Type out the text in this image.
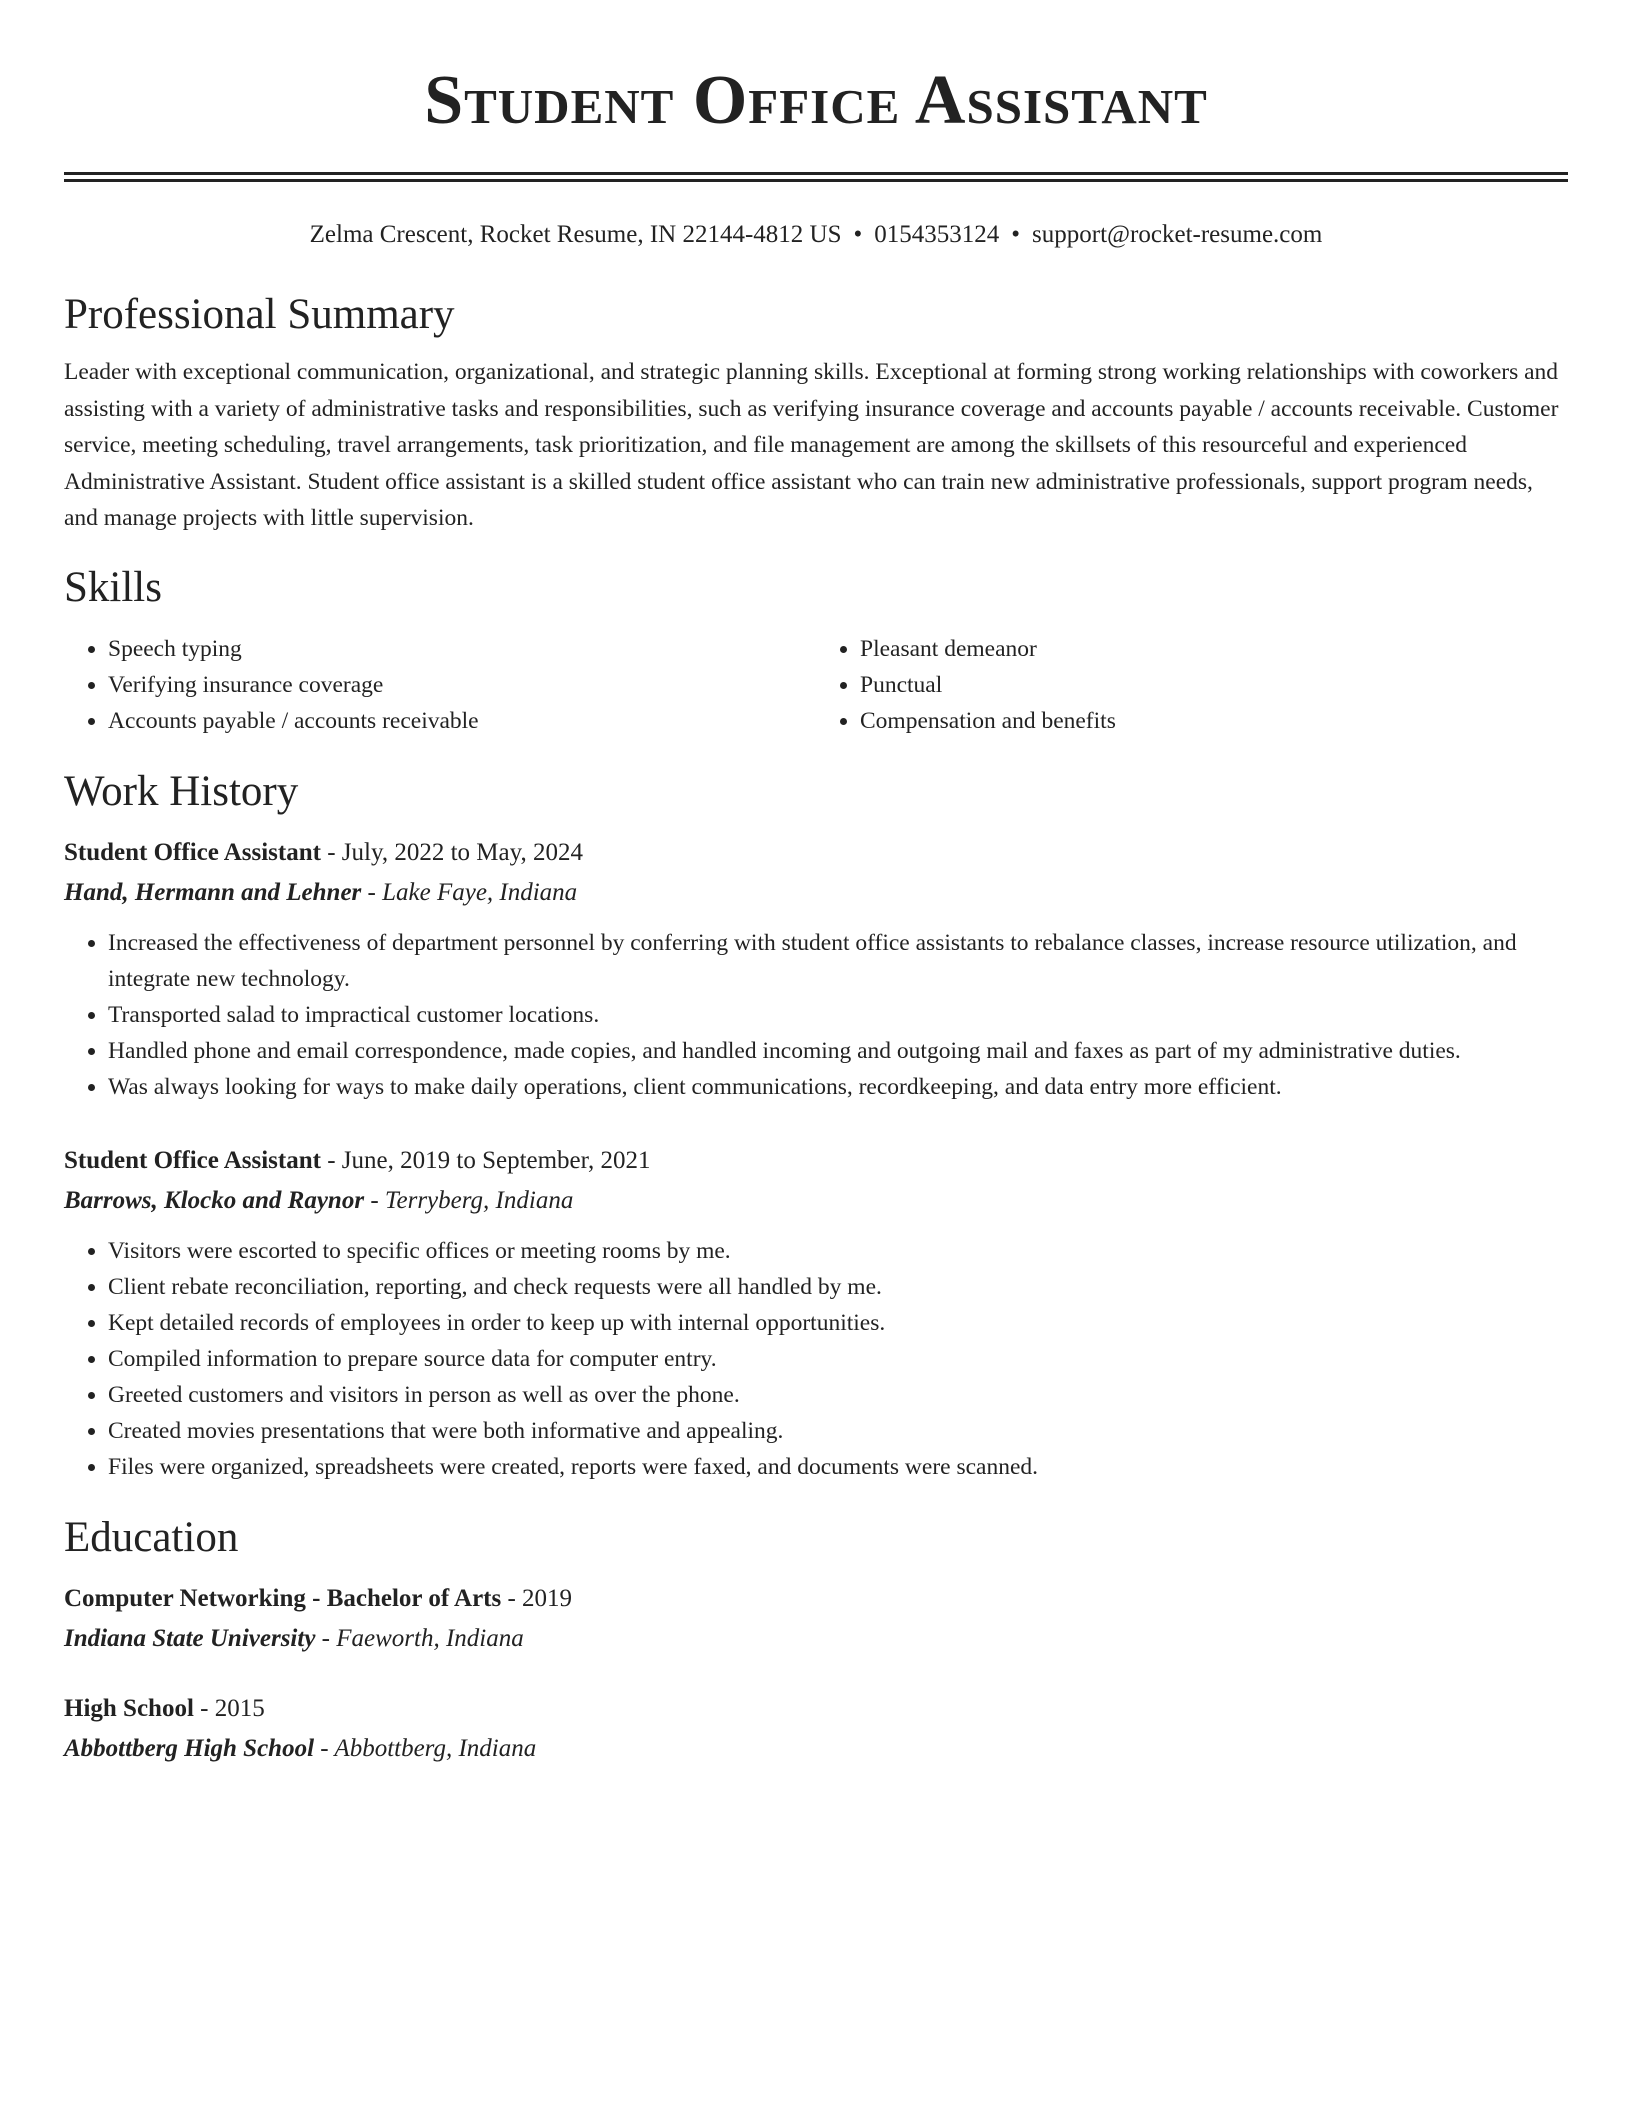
Student Office Assistant
Zelma Crescent, Rocket Resume, IN 22144-4812 US • 0154353124 • support@rocket-resume.com
Professional Summary

Leader with exceptional communication, organizational, and strategic planning skills. Exceptional at forming strong working relationships with coworkers and assisting with a variety of administrative tasks and responsibilities, such as verifying insurance coverage and accounts payable / accounts receivable. Customer service, meeting scheduling, travel arrangements, task prioritization, and file management are among the skillsets of this resourceful and experienced Administrative Assistant. Student office assistant is a skilled student office assistant who can train new administrative professionals, support program needs, and manage projects with little supervision.

Skills
• Speech typing
• Verifying insurance coverage
• Accounts payable / accounts receivable
• Pleasant demeanor
• Punctual
• Compensation and benefits
Work History
Student Office Assistant - July, 2022 to May, 2024
Hand, Hermann and Lehner - Lake Faye, Indiana
• Increased the effectiveness of department personnel by conferring with student office assistants to rebalance classes, increase resource utilization, and integrate new technology.
• Transported salad to impractical customer locations.
• Handled phone and email correspondence, made copies, and handled incoming and outgoing mail and faxes as part of my administrative duties.
• Was always looking for ways to make daily operations, client communications, recordkeeping, and data entry more efficient.
Student Office Assistant - June, 2019 to September, 2021
Barrows, Klocko and Raynor - Terryberg, Indiana
• Visitors were escorted to specific offices or meeting rooms by me.
• Client rebate reconciliation, reporting, and check requests were all handled by me.
• Kept detailed records of employees in order to keep up with internal opportunities.
• Compiled information to prepare source data for computer entry.
• Greeted customers and visitors in person as well as over the phone.
• Created movies presentations that were both informative and appealing.
• Files were organized, spreadsheets were created, reports were faxed, and documents were scanned.
Education
Computer Networking - Bachelor of Arts - 2019
Indiana State University - Faeworth, Indiana
High School - 2015
Abbottberg High School - Abbottberg, Indiana
